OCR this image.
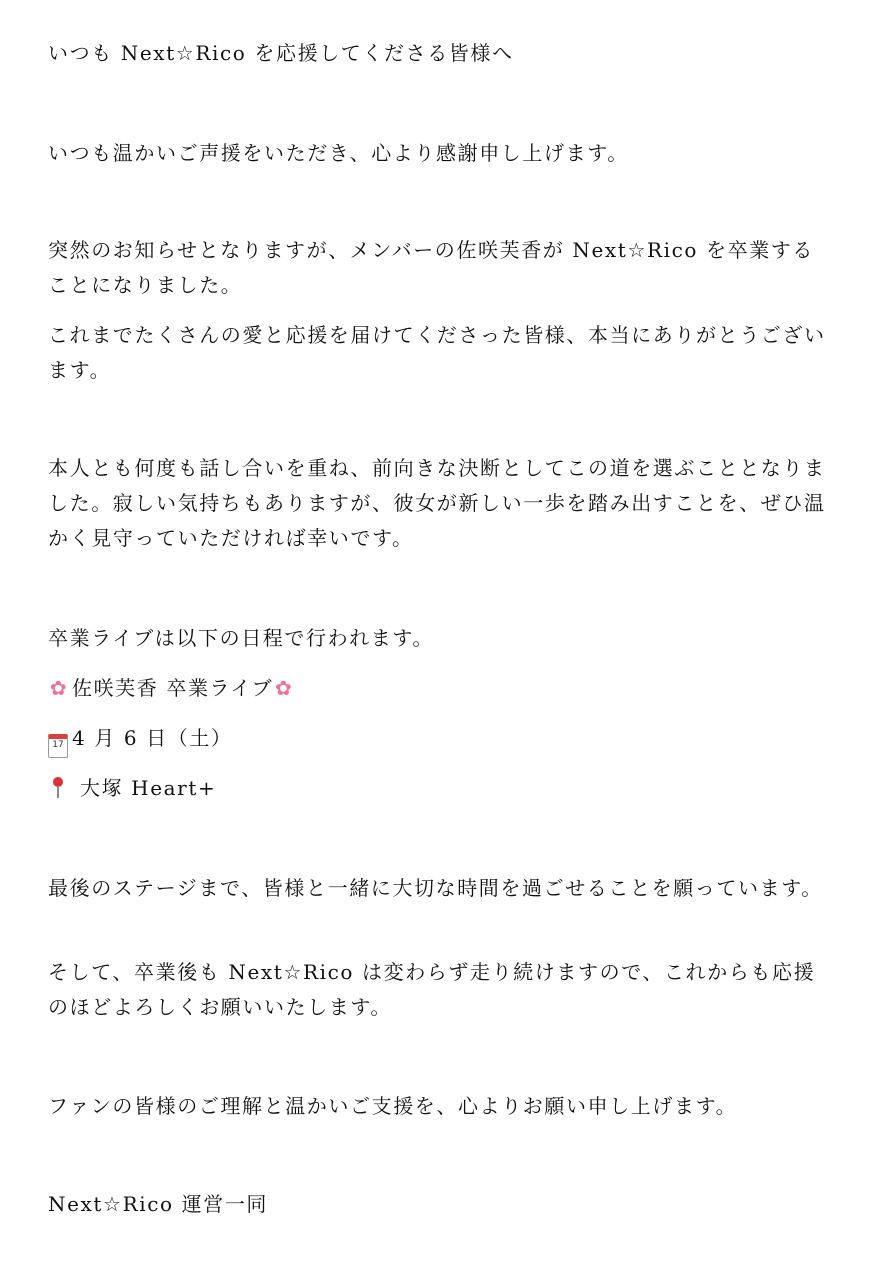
いつも Next☆Rico を応援してくださる皆様へ
いつも温かいご声援をいただき、心より感謝申し上げます。
突然のお知らせとなりますが、メンバーの佐咲芙香が Next☆Rico を卒業することになりました。
これまでたくさんの愛と応援を届けてくださった皆様、本当にありがとうございます。
本人とも何度も話し合いを重ね、前向きな決断としてこの道を選ぶこととなりました。寂しい気持ちもありますが、彼女が新しい一歩を踏み出すことを、ぜひ温かく見守っていただければ幸いです。
卒業ライブは以下の日程で行われます。
✿ 佐咲芙香 卒業ライブ✿
17 4 月 6 日（土）
大塚 Heart+
最後のステージまで、皆様と一緒に大切な時間を過ごせることを願っています。
そして、卒業後も Next☆Rico は変わらず走り続けますので、これからも応援のほどよろしくお願いいたします。
ファンの皆様のご理解と温かいご支援を、心よりお願い申し上げます。
Next☆Rico 運営一同
